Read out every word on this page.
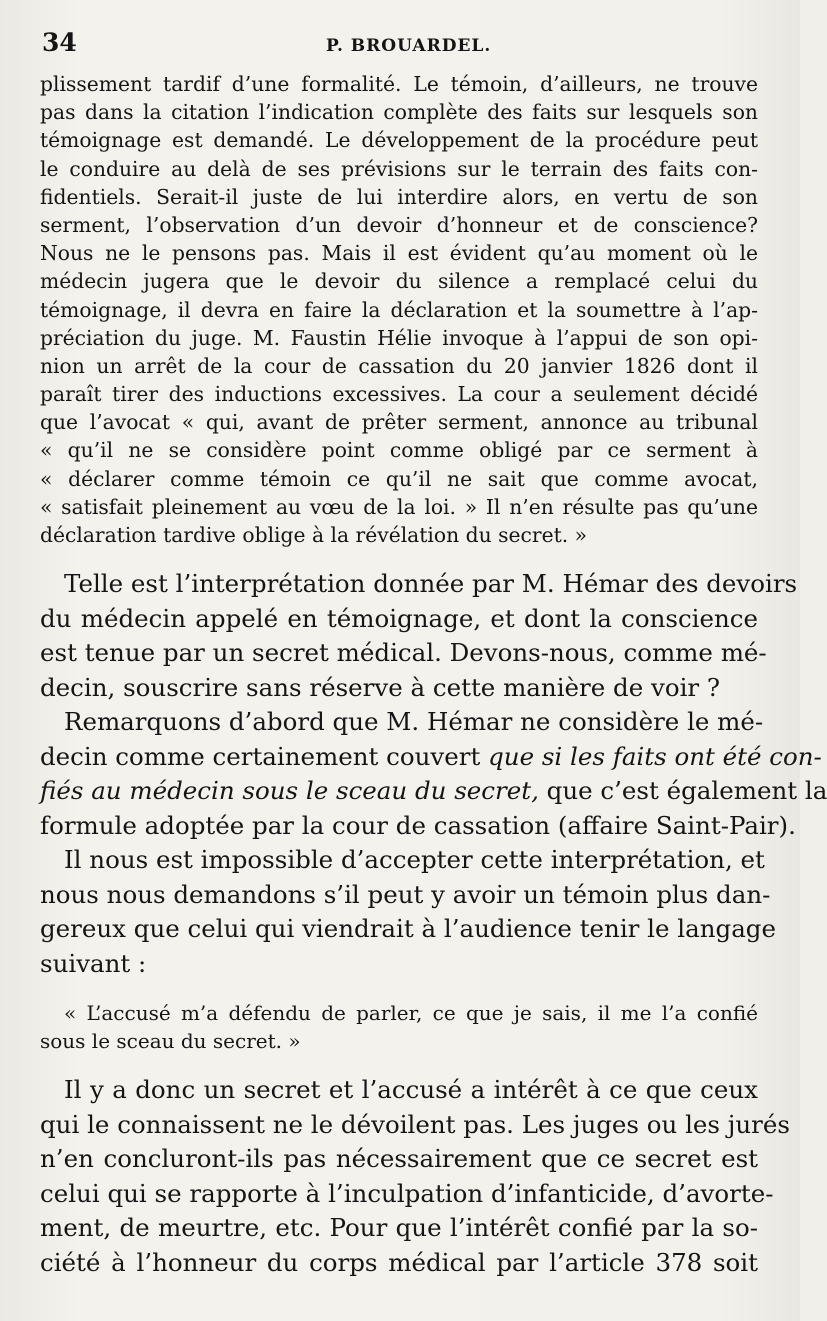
34	P. BROUARDEL.
plissement tardif d’une formalité. Le témoin, d’ailleurs, ne trouve
pas dans la citation l’indication complète des faits sur lesquels son
témoignage est demandé. Le développement de la procédure peut
le conduire au delà de ses prévisions sur le terrain des faits con-
fidentiels. Serait-il juste de lui interdire alors, en vertu de son
serment, l’observation d’un devoir d’honneur et de conscience?
Nous ne le pensons pas. Mais il est évident qu’au moment où le
médecin jugera que le devoir du silence a remplacé celui du
témoignage, il devra en faire la déclaration et la soumettre à l’ap-
préciation du juge. M. Faustin Hélie invoque à l’appui de son opi-
nion un arrêt de la cour de cassation du 20 janvier 1826 dont il
paraît tirer des inductions excessives. La cour a seulement décidé
que l’avocat « qui, avant de prêter serment, annonce au tribunal
« qu’il ne se considère point comme obligé par ce serment à
« déclarer comme témoin ce qu’il ne sait que comme avocat,
« satisfait pleinement au vœu de la loi. » Il n’en résulte pas qu’une
déclaration tardive oblige à la révélation du secret. »
Telle est l’interprétation donnée par M. Hémar des devoirs
du médecin appelé en témoignage, et dont la conscience
est tenue par un secret médical. Devons-nous, comme mé-
decin, souscrire sans réserve à cette manière de voir ?
Remarquons d’abord que M. Hémar ne considère le mé-
decin comme certainement couvert que si les faits ont été con-
fiés au médecin sous le sceau du secret, que c’est également la
formule adoptée par la cour de cassation (affaire Saint-Pair).
Il nous est impossible d’accepter cette interprétation, et
nous nous demandons s’il peut y avoir un témoin plus dan-
gereux que celui qui viendrait à l’audience tenir le langage
suivant :
« L’accusé m’a défendu de parler, ce que je sais, il me l’a confié
sous le sceau du secret. »
Il y a donc un secret et l’accusé a intérêt à ce que ceux
qui le connaissent ne le dévoilent pas. Les juges ou les jurés
n’en concluront-ils pas nécessairement que ce secret est
celui qui se rapporte à l’inculpation d’infanticide, d’avorte-
ment, de meurtre, etc. Pour que l’intérêt confié par la so-
ciété à l’honneur du corps médical par l’article 378 soit
